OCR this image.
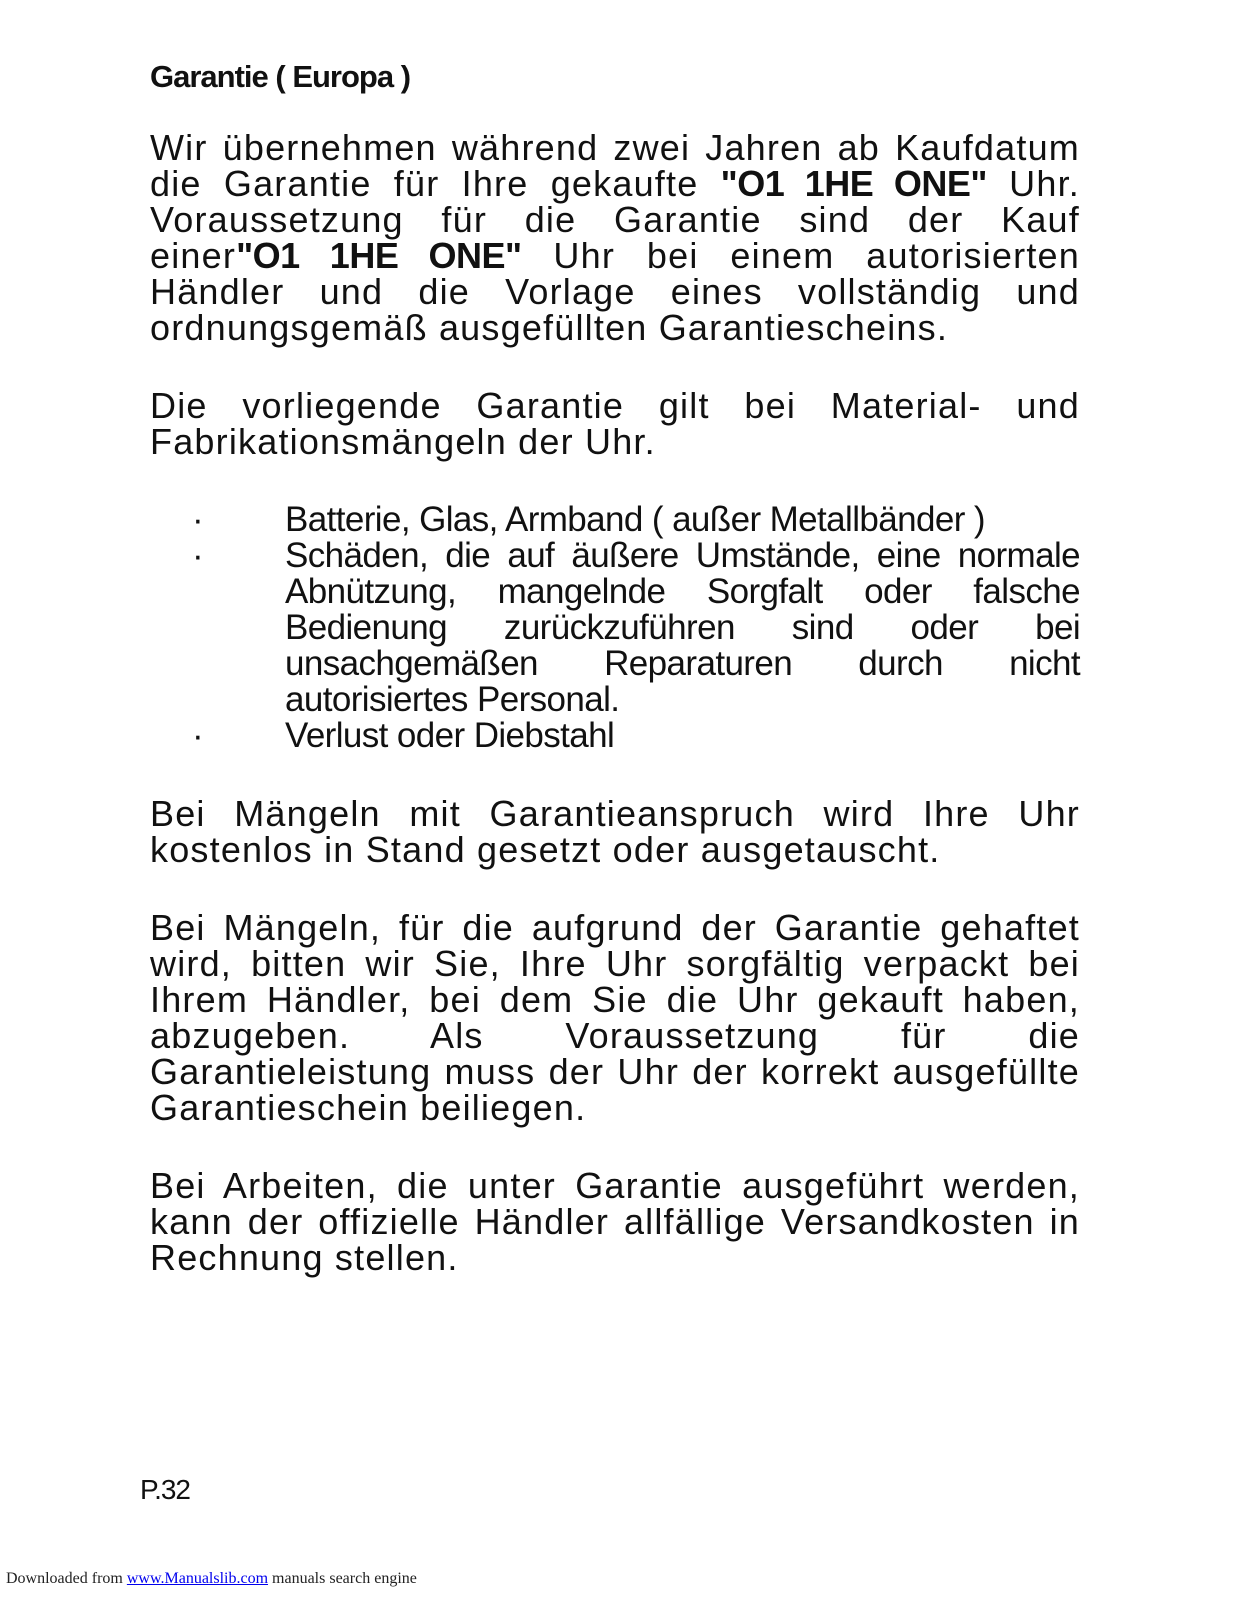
Garantie ( Europa )

Wir übernehmen während zwei Jahren ab Kaufdatum die Garantie für Ihre gekaufte "O1 1HE ONE" Uhr. Voraussetzung für die Garantie sind der Kauf einer"O1 1HE ONE" Uhr bei einem autorisierten Händler und die Vorlage eines vollständig und ordnungsgemäß ausgefüllten Garantiescheins.

Die vorliegende Garantie gilt bei Material- und Fabrikationsmängeln der Uhr.

· Batterie, Glas, Armband ( außer Metallbänder )
· Schäden, die auf äußere Umstände, eine normale Abnützung, mangelnde Sorgfalt oder falsche Bedienung zurückzuführen sind oder bei unsachgemäßen Reparaturen durch nicht autorisiertes Personal.
· Verlust oder Diebstahl

Bei Mängeln mit Garantieanspruch wird Ihre Uhr kostenlos in Stand gesetzt oder ausgetauscht.

Bei Mängeln, für die aufgrund der Garantie gehaftet wird, bitten wir Sie, Ihre Uhr sorgfältig verpackt bei Ihrem Händler, bei dem Sie die Uhr gekauft haben, abzugeben. Als Voraussetzung für die Garantieleistung muss der Uhr der korrekt ausgefüllte Garantieschein beiliegen.

Bei Arbeiten, die unter Garantie ausgeführt werden, kann der offizielle Händler allfällige Versandkosten in Rechnung stellen.

P.32
Downloaded from www.Manualslib.com manuals search engine
